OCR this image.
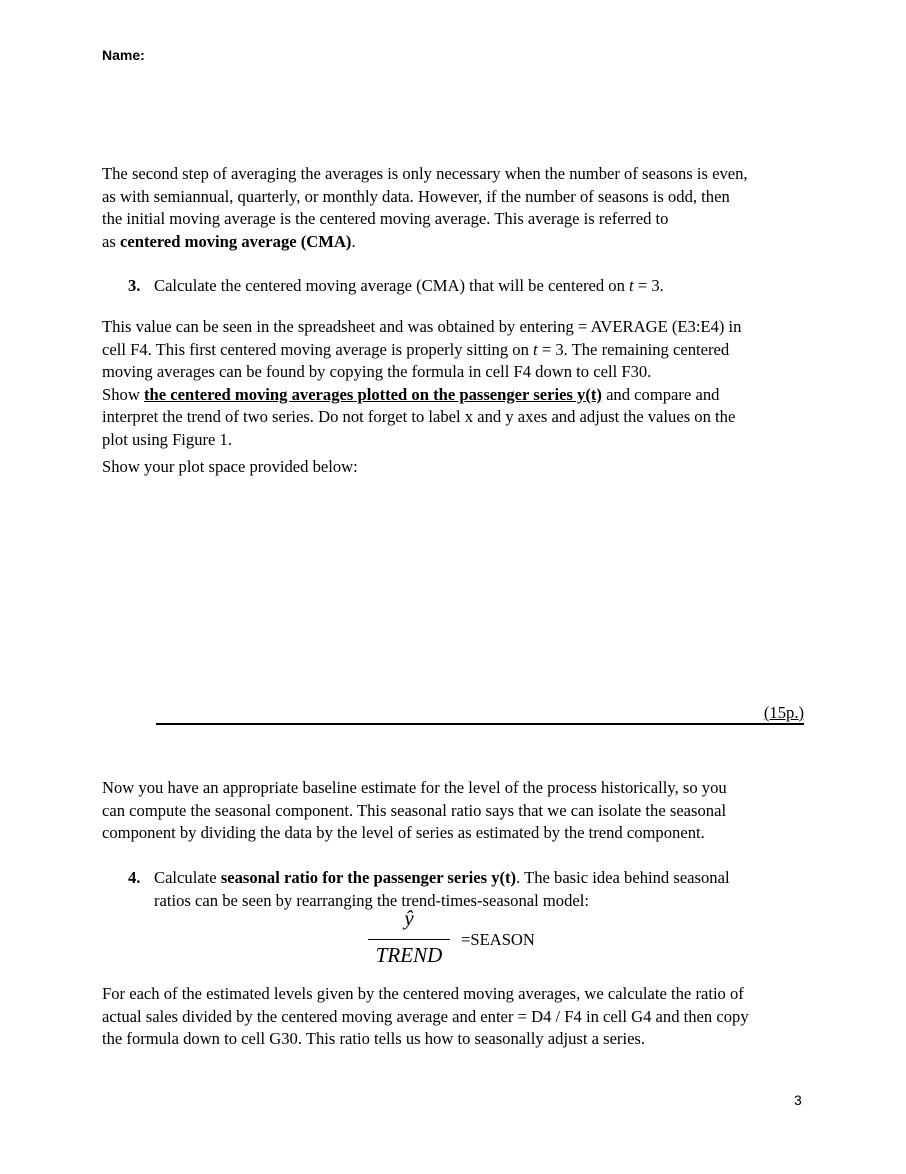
Name:
The second step of averaging the averages is only necessary when the number of seasons is even,
as with semiannual, quarterly, or monthly data. However, if the number of seasons is odd, then
the initial moving average is the centered moving average. This average is referred to
as centered moving average (CMA).
3. Calculate the centered moving average (CMA) that will be centered on t = 3.
This value can be seen in the spreadsheet and was obtained by entering = AVERAGE (E3:E4) in
cell F4. This first centered moving average is properly sitting on t = 3. The remaining centered
moving averages can be found by copying the formula in cell F4 down to cell F30.
Show the centered moving averages plotted on the passenger series y(t) and compare and
interpret the trend of two series. Do not forget to label x and y axes and adjust the values on the
plot using Figure 1.
Show your plot space provided below:
(15p.)
Now you have an appropriate baseline estimate for the level of the process historically, so you
can compute the seasonal component. This seasonal ratio says that we can isolate the seasonal
component by dividing the data by the level of series as estimated by the trend component.
4. Calculate seasonal ratio for the passenger series y(t). The basic idea behind seasonal
ratios can be seen by rearranging the trend-times-seasonal model:
ŷ
TREND
=SEASON
For each of the estimated levels given by the centered moving averages, we calculate the ratio of
actual sales divided by the centered moving average and enter = D4 / F4 in cell G4 and then copy
the formula down to cell G30. This ratio tells us how to seasonally adjust a series.
3
